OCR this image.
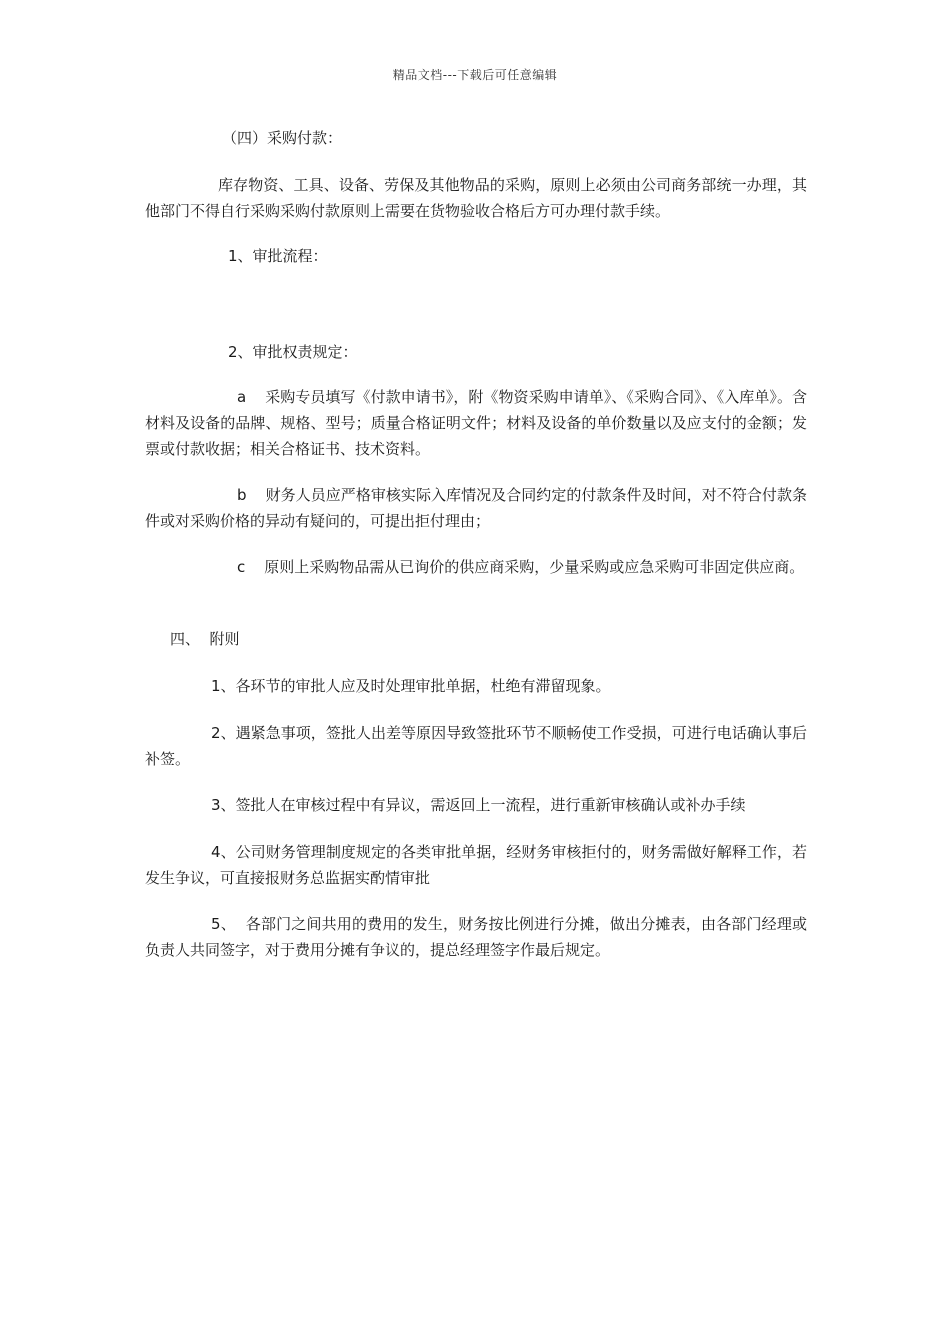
精品文档---下载后可任意编辑
（四）采购付款：
库存物资、工具、设备、劳保及其他物品的采购，原则上必须由公司商务部统一办理，其他部门不得自行采购采购付款原则上需要在货物验收合格后方可办理付款手续。
1、审批流程：
2、审批权责规定：
a 采购专员填写《付款申请书》，附《物资采购申请单》、《采购合同》、《入库单》。含材料及设备的品牌、规格、型号；质量合格证明文件；材料及设备的单价数量以及应支付的金额；发票或付款收据；相关合格证书、技术资料。
b 财务人员应严格审核实际入库情况及合同约定的付款条件及时间，对不符合付款条件或对采购价格的异动有疑问的，可提出拒付理由；
c 原则上采购物品需从已询价的供应商采购，少量采购或应急采购可非固定供应商。
四、  附则
1、各环节的审批人应及时处理审批单据，杜绝有滞留现象。
2、遇紧急事项，签批人出差等原因导致签批环节不顺畅使工作受损，可进行电话确认事后补签。
3、签批人在审核过程中有异议，需返回上一流程，进行重新审核确认或补办手续
4、公司财务管理制度规定的各类审批单据，经财务审核拒付的，财务需做好解释工作，若发生争议，可直接报财务总监据实酌情审批
5、  各部门之间共用的费用的发生，财务按比例进行分摊，做出分摊表，由各部门经理或负责人共同签字，对于费用分摊有争议的，提总经理签字作最后规定。
